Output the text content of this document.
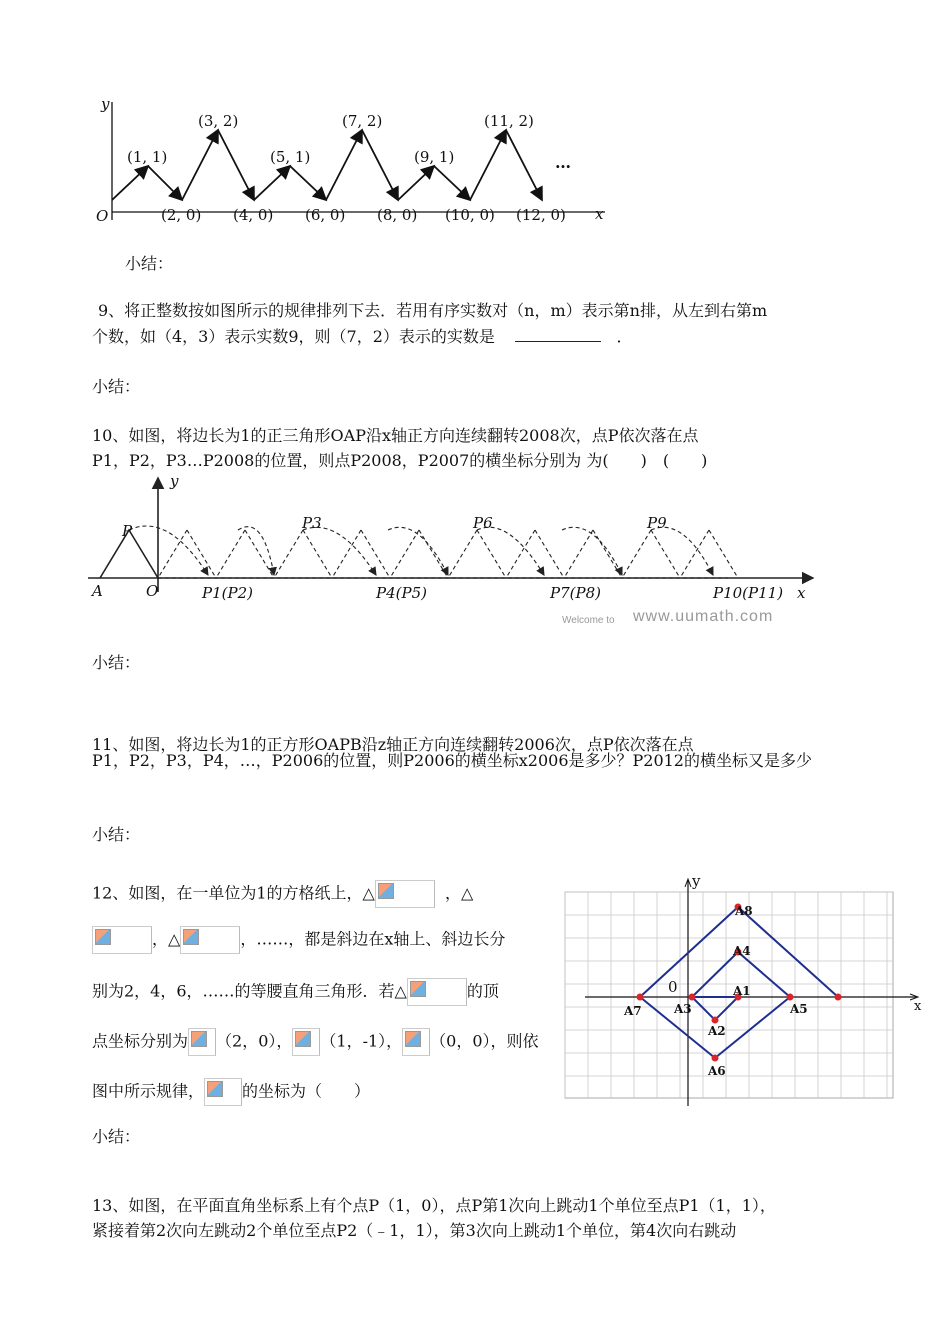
y
x
O
(1, 1)
(3, 2)
(5, 1)
(7, 2)
(9, 1)
(11, 2)
(2, 0) (4, 0) (6, 0) (8, 0) (10, 0) (12, 0)
…
小结：
9、将正整数按如图所示的规律排列下去．若用有序实数对（n，m）表示第n排，从左到右第m
个数，如（4，3）表示实数9，则（7，2）表示的实数是	．
小结：
10、如图，将边长为1的正三角形OAP沿x轴正方向连续翻转2008次，点P依次落在点
P1，P2，P3…P2008的位置，则点P2008，P2007的横坐标分别为 为(　　)　(　　)
y
x
A	O
P	P3	P6	P9
P1(P2)	P4(P5)	P7(P8)	P10(P11)
Welcome to www.uumath.com
小结：
11、如图，将边长为1的正方形OAPB沿z轴正方向连续翻转2006次，点P依次落在点
P1，P2，P3，P4，…，P2006的位置，则P2006的横坐标x2006是多少？P2012的横坐标又是多少
小结：
12、如图，在一单位为1的方格纸上，△	，△
，△	，……，都是斜边在x轴上、斜边长分
别为2，4，6，……的等腰直角三角形．若△	的顶
点坐标分别为 （2，0）， （1，-1）， （0，0），则依
图中所示规律， 的坐标为（　　）
y
x
0	A1
A2
A3
A4
A5
A6
A7
A8
小结：
13、如图，在平面直角坐标系上有个点P（1，0），点P第1次向上跳动1个单位至点P1（1，1），
紧接着第2次向左跳动2个单位至点P2（﹣1，1），第3次向上跳动1个单位，第4次向右跳动
